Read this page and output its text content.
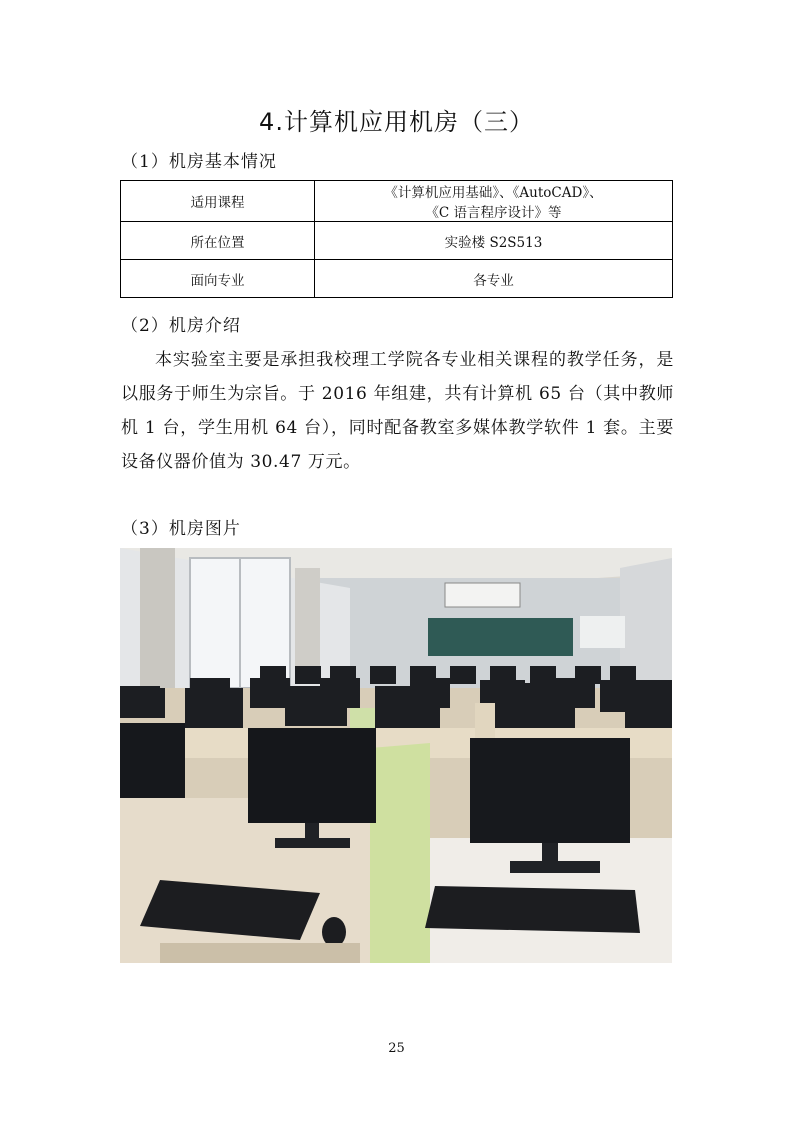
4.计算机应用机房（三）
（1）机房基本情况
适用课程	《计算机应用基础》、《AutoCAD》、
《C 语言程序设计》等

所在位置	实验楼 S2S513
面向专业	各专业
（2）机房介绍

本实验室主要是承担我校理工学院各专业相关课程的教学任务，是以服务于师生为宗旨。于 2016 年组建，共有计算机 65 台（其中教师机 1 台，学生用机 64 台），同时配备教室多媒体教学软件 1 套。主要设备仪器价值为 30.47 万元。

（3）机房图片
25
